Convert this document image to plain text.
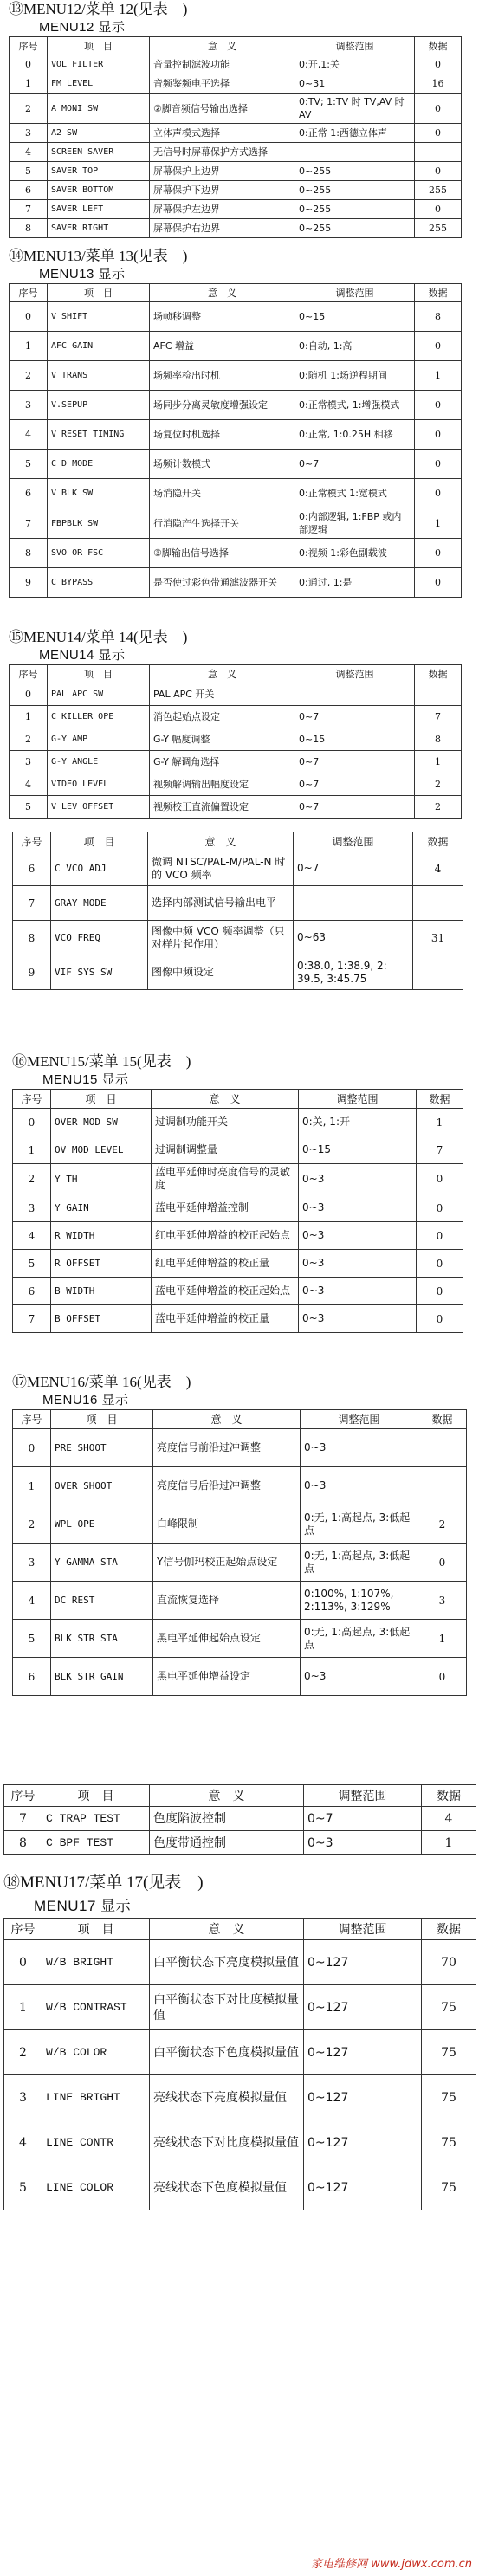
⑬MENU12/菜单 12(见表　)
MENU12 显示
序号	项　目	意　义	调整范围	数据
0	VOL FILTER	音量控制滤波功能	0:开,1:关	0
1	FM LEVEL	音频鉴频电平选择	0~31	16
2	A MONI SW	②脚音频信号输出选择	0:TV; 1:TV 时 TV,AV 时 AV	0
3	A2 SW	立体声模式选择	0:正常 1:西德立体声	0
4	SCREEN SAVER	无信号时屏幕保护方式选择		
5	SAVER TOP	屏幕保护上边界	0~255	0
6	SAVER BOTTOM	屏幕保护下边界	0~255	255
7	SAVER LEFT	屏幕保护左边界	0~255	0
8	SAVER RIGHT	屏幕保护右边界	0~255	255
⑭MENU13/菜单 13(见表　)
MENU13 显示
序号	项　目	意　义	调整范围	数据
0	V SHIFT	场帧移调整	0~15	8
1	AFC GAIN	AFC 增益	0:自动, 1:高	0
2	V TRANS	场频率检出时机	0:随机 1:场逆程期间	1
3	V.SEPUP	场同步分离灵敏度增强设定	0:正常模式, 1:增强模式	0
4	V RESET TIMING	场复位时机选择	0:正常, 1:0.25H 相移	0
5	C D MODE	场频计数模式	0~7	0
6	V BLK SW	场消隐开关	0:正常模式 1:宽模式	0
7	FBPBLK SW	行消隐产生选择开关	0:内部逻辑, 1:FBP 或内部逻辑	1
8	SVO OR FSC	③脚输出信号选择	0:视频 1:彩色副载波	0
9	C BYPASS	是否使过彩色带通滤波器开关	0:通过, 1:是	0
⑮MENU14/菜单 14(见表　)
MENU14 显示
序号	项　目	意　义	调整范围	数据
0	PAL APC SW	PAL APC 开关		
1	C KILLER OPE	消色起始点设定	0~7	7
2	G-Y AMP	G-Y 幅度调整	0~15	8
3	G-Y ANGLE	G-Y 解调角选择	0~7	1
4	VIDEO LEVEL	视频解调输出幅度设定	0~7	2
5	V LEV OFFSET	视频校正直流偏置设定	0~7	2
序号	项　目	意　义	调整范围	数据
6	C VCO ADJ	微调 NTSC/PAL-M/PAL-N 时的 VCO 频率	0~7	4
7	GRAY MODE	选择内部测试信号输出电平		
8	VCO FREQ	图像中频 VCO 频率调整（只对样片起作用）	0~63	31
9	VIF SYS SW	图像中频设定	0:38.0, 1:38.9, 2: 39.5, 3:45.75	
⑯MENU15/菜单 15(见表　)
MENU15 显示
序号	项　目	意　义	调整范围	数据
0	OVER MOD SW	过调制功能开关	0:关, 1:开	1
1	OV MOD LEVEL	过调制调整量	0~15	7
2	Y TH	蓝电平延伸时亮度信号的灵敏度	0~3	0
3	Y GAIN	蓝电平延伸增益控制	0~3	0
4	R WIDTH	红电平延伸增益的校正起始点	0~3	0
5	R OFFSET	红电平延伸增益的校正量	0~3	0
6	B WIDTH	蓝电平延伸增益的校正起始点	0~3	0
7	B OFFSET	蓝电平延伸增益的校正量	0~3	0
⑰MENU16/菜单 16(见表　)
MENU16 显示
序号	项　目	意　义	调整范围	数据
0	PRE SHOOT	亮度信号前沿过冲调整	0~3	
1	OVER SHOOT	亮度信号后沿过冲调整	0~3	
2	WPL OPE	白峰限制	0:无, 1:高起点, 3:低起点	2
3	Y GAMMA STA	Y信号伽玛校正起始点设定	0:无, 1:高起点, 3:低起点	0
4	DC REST	直流恢复选择	0:100%, 1:107%, 2:113%, 3:129%	3
5	BLK STR STA	黑电平延伸起始点设定	0:无, 1:高起点, 3:低起点	1
6	BLK STR GAIN	黑电平延伸增益设定	0~3	0
序号	项　目	意　义	调整范围	数据
7	C TRAP TEST	色度陷波控制	0~7	4
8	C BPF TEST	色度带通控制	0~3	1
⑱MENU17/菜单 17(见表　)
MENU17 显示
序号	项　目	意　义	调整范围	数据
0	W/B BRIGHT	白平衡状态下亮度模拟量值	0~127	70
1	W/B CONTRAST	白平衡状态下对比度模拟量值	0~127	75
2	W/B COLOR	白平衡状态下色度模拟量值	0~127	75
3	LINE BRIGHT	亮线状态下亮度模拟量值	0~127	75
4	LINE CONTR	亮线状态下对比度模拟量值	0~127	75
5	LINE COLOR	亮线状态下色度模拟量值	0~127	75
家电维修网 www.jdwx.com.cn
